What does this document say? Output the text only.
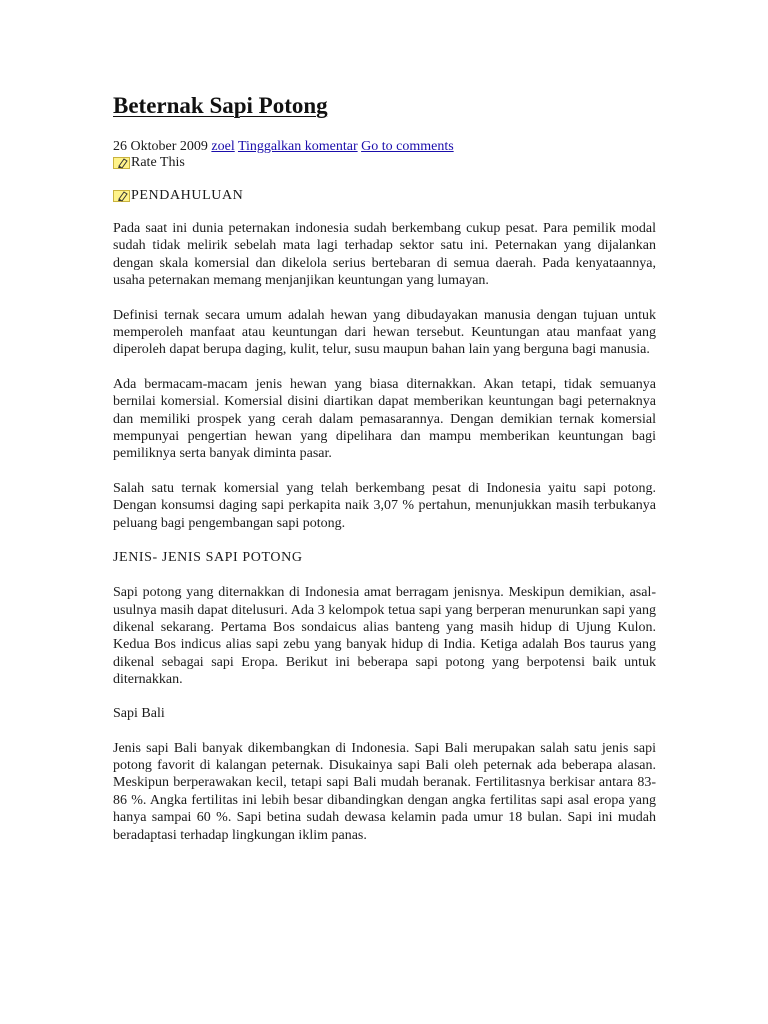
Beternak Sapi Potong
26 Oktober 2009 zoel Tinggalkan komentar Go to comments
Rate This
PENDAHULUAN

Pada saat ini dunia peternakan indonesia sudah berkembang cukup pesat. Para pemilik modal sudah tidak melirik sebelah mata lagi terhadap sektor satu ini. Peternakan yang dijalankan dengan skala komersial dan dikelola serius bertebaran di semua daerah. Pada kenyataannya, usaha peternakan memang menjanjikan keuntungan yang lumayan.

Definisi ternak secara umum adalah hewan yang dibudayakan manusia dengan tujuan untuk memperoleh manfaat atau keuntungan dari hewan tersebut. Keuntungan atau manfaat yang diperoleh dapat berupa daging, kulit, telur, susu maupun bahan lain yang berguna bagi manusia.

Ada bermacam-macam jenis hewan yang biasa diternakkan. Akan tetapi, tidak semuanya bernilai komersial. Komersial disini diartikan dapat memberikan keuntungan bagi peternaknya dan memiliki prospek yang cerah dalam pemasarannya. Dengan demikian ternak komersial mempunyai pengertian hewan yang dipelihara dan mampu memberikan keuntungan bagi pemiliknya serta banyak diminta pasar.

Salah satu ternak komersial yang telah berkembang pesat di Indonesia yaitu sapi potong. Dengan konsumsi daging sapi perkapita naik 3,07 % pertahun, menunjukkan masih terbukanya peluang bagi pengembangan sapi potong.

JENIS- JENIS SAPI POTONG

Sapi potong yang diternakkan di Indonesia amat berragam jenisnya. Meskipun demikian, asal-usulnya masih dapat ditelusuri. Ada 3 kelompok tetua sapi yang berperan menurunkan sapi yang dikenal sekarang. Pertama Bos sondaicus alias banteng yang masih hidup di Ujung Kulon. Kedua Bos indicus alias sapi zebu yang banyak hidup di India. Ketiga adalah Bos taurus yang dikenal sebagai sapi Eropa. Berikut ini beberapa sapi potong yang berpotensi baik untuk diternakkan.

Sapi Bali

Jenis sapi Bali banyak dikembangkan di Indonesia. Sapi Bali merupakan salah satu jenis sapi potong favorit di kalangan peternak. Disukainya sapi Bali oleh peternak ada beberapa alasan. Meskipun berperawakan kecil, tetapi sapi Bali mudah beranak. Fertilitasnya berkisar antara 83-86 %. Angka fertilitas ini lebih besar dibandingkan dengan angka fertilitas sapi asal eropa yang hanya sampai 60 %. Sapi betina sudah dewasa kelamin pada umur 18 bulan. Sapi ini mudah beradaptasi terhadap lingkungan iklim panas.
